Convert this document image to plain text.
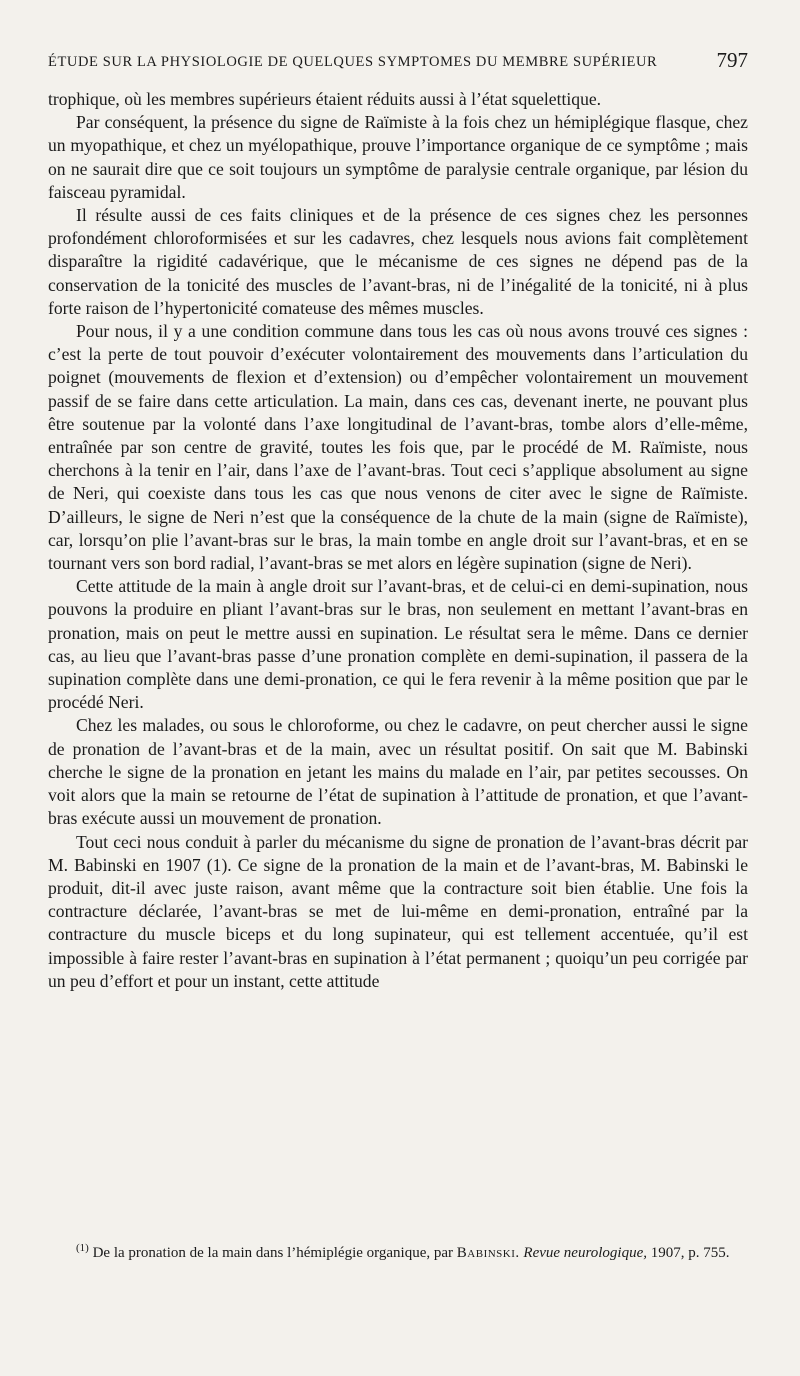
ÉTUDE SUR LA PHYSIOLOGIE DE QUELQUES SYMPTOMES DU MEMBRE SUPÉRIEUR	797

trophique, où les membres supérieurs étaient réduits aussi à l’état squelettique.

Par conséquent, la présence du signe de Raïmiste à la fois chez un hémiplégique flasque, chez un myopathique, et chez un myélopathique, prouve l’importance organique de ce symptôme ; mais on ne saurait dire que ce soit toujours un symptôme de paralysie centrale organique, par lésion du faisceau pyramidal.

Il résulte aussi de ces faits cliniques et de la présence de ces signes chez les personnes profondément chloroformisées et sur les cadavres, chez lesquels nous avions fait complètement disparaître la rigidité cadavérique, que le mécanisme de ces signes ne dépend pas de la conservation de la tonicité des muscles de l’avant-bras, ni de l’inégalité de la tonicité, ni à plus forte raison de l’hypertonicité comateuse des mêmes muscles.

Pour nous, il y a une condition commune dans tous les cas où nous avons trouvé ces signes : c’est la perte de tout pouvoir d’exécuter volontairement des mouvements dans l’articulation du poignet (mouvements de flexion et d’extension) ou d’empêcher volontairement un mouvement passif de se faire dans cette articulation. La main, dans ces cas, devenant inerte, ne pouvant plus être soutenue par la volonté dans l’axe longitudinal de l’avant-bras, tombe alors d’elle-même, entraînée par son centre de gravité, toutes les fois que, par le procédé de M. Raïmiste, nous cherchons à la tenir en l’air, dans l’axe de l’avant-bras. Tout ceci s’applique absolument au signe de Neri, qui coexiste dans tous les cas que nous venons de citer avec le signe de Raïmiste. D’ailleurs, le signe de Neri n’est que la conséquence de la chute de la main (signe de Raïmiste), car, lorsqu’on plie l’avant-bras sur le bras, la main tombe en angle droit sur l’avant-bras, et en se tournant vers son bord radial, l’avant-bras se met alors en légère supination (signe de Neri).

Cette attitude de la main à angle droit sur l’avant-bras, et de celui-ci en demi-supination, nous pouvons la produire en pliant l’avant-bras sur le bras, non seulement en mettant l’avant-bras en pronation, mais on peut le mettre aussi en supination. Le résultat sera le même. Dans ce dernier cas, au lieu que l’avant-bras passe d’une pronation complète en demi-supination, il passera de la supination complète dans une demi-pronation, ce qui le fera revenir à la même position que par le procédé Neri.

Chez les malades, ou sous le chloroforme, ou chez le cadavre, on peut chercher aussi le signe de pronation de l’avant-bras et de la main, avec un résultat positif. On sait que M. Babinski cherche le signe de la pronation en jetant les mains du malade en l’air, par petites secousses. On voit alors que la main se retourne de l’état de supination à l’attitude de pronation, et que l’avant-bras exécute aussi un mouvement de pronation.

Tout ceci nous conduit à parler du mécanisme du signe de pronation de l’avant-bras décrit par M. Babinski en 1907 (1). Ce signe de la pronation de la main et de l’avant-bras, M. Babinski le produit, dit-il avec juste raison, avant même que la contracture soit bien établie. Une fois la contracture déclarée, l’avant-bras se met de lui-même en demi-pronation, entraîné par la contracture du muscle biceps et du long supinateur, qui est tellement accentuée, qu’il est impossible à faire rester l’avant-bras en supination à l’état permanent ; quoiqu’un peu corrigée par un peu d’effort et pour un instant, cette attitude

$^{(1)}$ De la pronation de la main dans l’hémiplégie organique, par Babinski. Revue neurologique, 1907, p. 755.
